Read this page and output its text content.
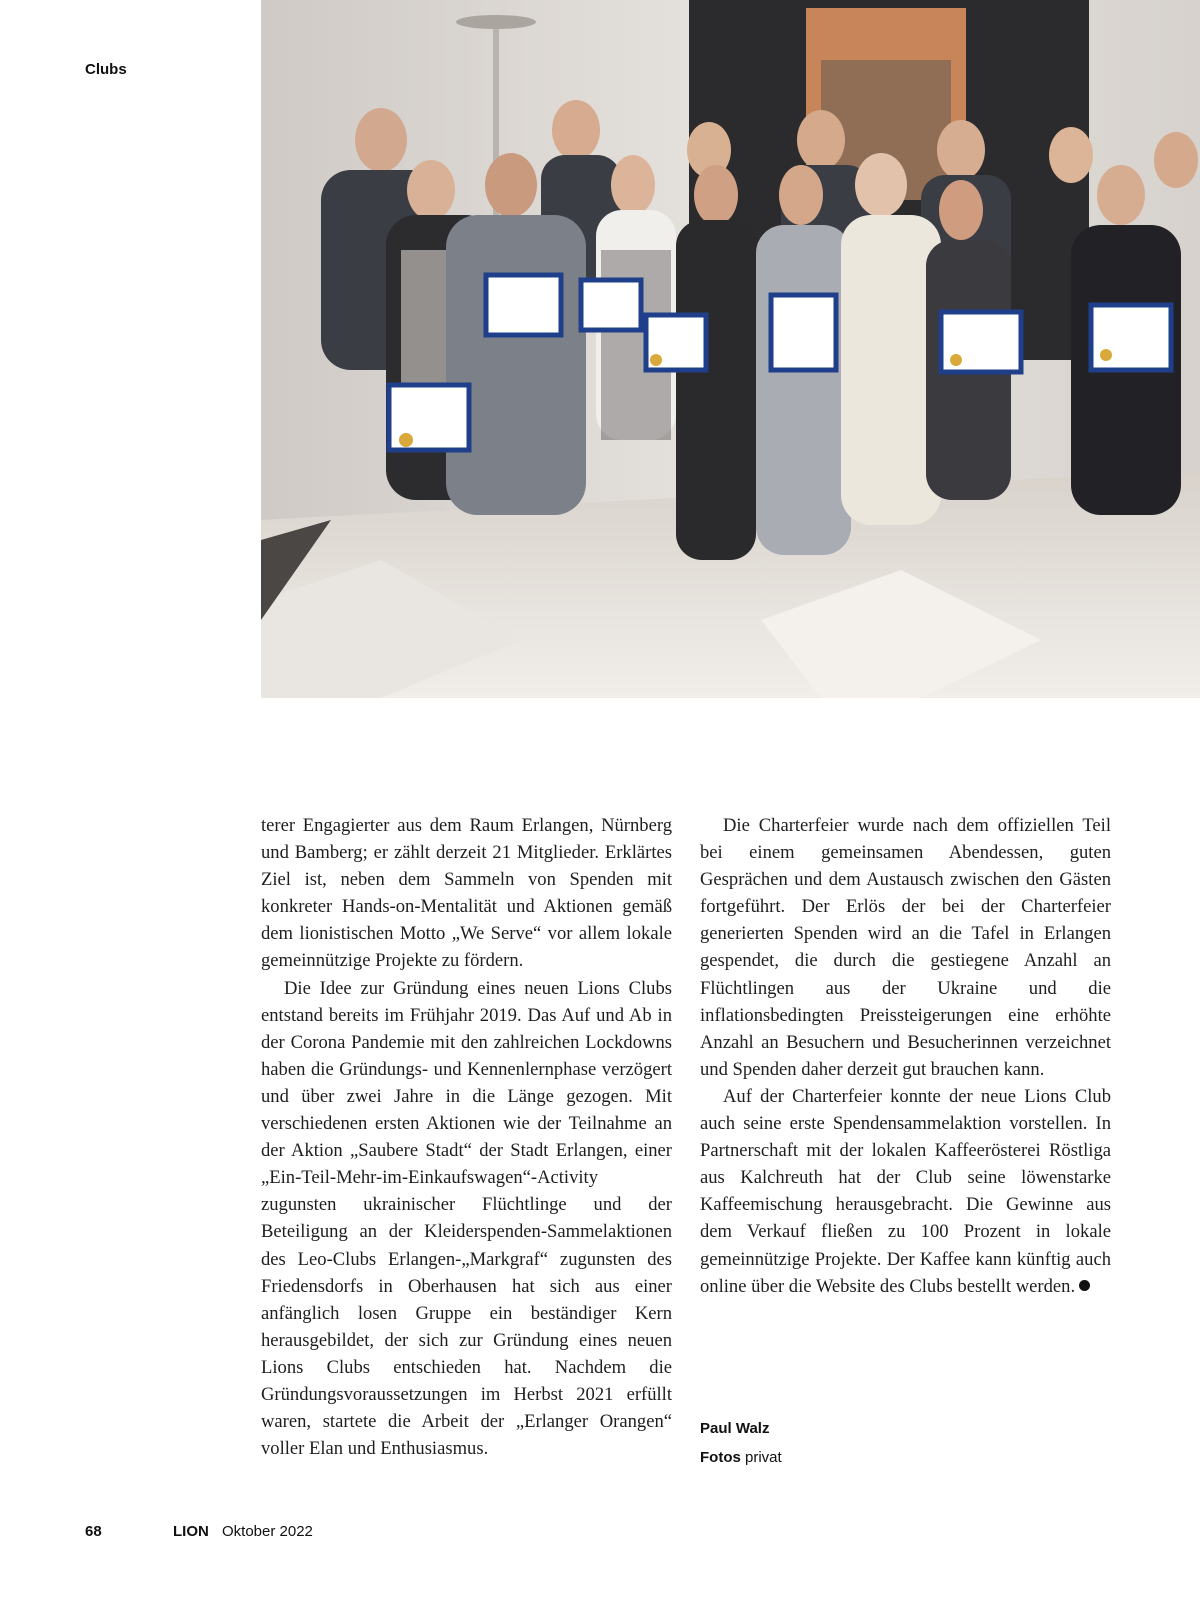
Clubs

terer Engagierter aus dem Raum Erlangen, Nürnberg und Bamberg; er zählt derzeit 21 Mitglieder. Erklärtes Ziel ist, neben dem Sammeln von Spenden mit konkreter Hands-on-Mentalität und Aktionen gemäß dem lionistischen Motto „We Serve“ vor allem lokale gemeinnützige Projekte zu fördern.

Die Idee zur Gründung eines neuen Lions Clubs entstand bereits im Frühjahr 2019. Das Auf und Ab in der Corona Pandemie mit den zahlreichen Lockdowns haben die Gründungs- und Kennenlernphase verzögert und über zwei Jahre in die Länge gezogen. Mit verschiedenen ersten Aktionen wie der Teilnahme an der Aktion „Saubere Stadt“ der Stadt Erlangen, einer „Ein-Teil-Mehr-im-Einkaufswagen“-Activity zugunsten ukrainischer Flüchtlinge und der Beteiligung an der Kleiderspenden-Sammelaktionen des Leo-Clubs Erlangen-„Markgraf“ zugunsten des Friedensdorfs in Oberhausen hat sich aus einer anfänglich losen Gruppe ein beständiger Kern herausgebildet, der sich zur Gründung eines neuen Lions Clubs entschieden hat. Nachdem die Gründungsvoraussetzungen im Herbst 2021 erfüllt waren, startete die Arbeit der „Erlanger Orangen“ voller Elan und Enthusiasmus.

Die Charterfeier wurde nach dem offiziellen Teil bei einem gemeinsamen Abendessen, guten Gesprächen und dem Austausch zwischen den Gästen fortgeführt. Der Erlös der bei der Charterfeier generierten Spenden wird an die Tafel in Erlangen gespendet, die durch die gestiegene Anzahl an Flüchtlingen aus der Ukraine und die inflationsbedingten Preissteigerungen eine erhöhte Anzahl an Besuchern und Besucherinnen verzeichnet und Spenden daher derzeit gut brauchen kann.

Auf der Charterfeier konnte der neue Lions Club auch seine erste Spendensammelaktion vorstellen. In Partnerschaft mit der lokalen Kaffeerösterei Röstliga aus Kalchreuth hat der Club seine löwenstarke Kaffeemischung herausgebracht. Die Gewinne aus dem Verkauf fließen zu 100 Prozent in lokale gemeinnützige Projekte. Der Kaffee kann künftig auch online über die Website des Clubs bestellt werden.

Paul Walz
Fotos privat
68	LION Oktober 2022
